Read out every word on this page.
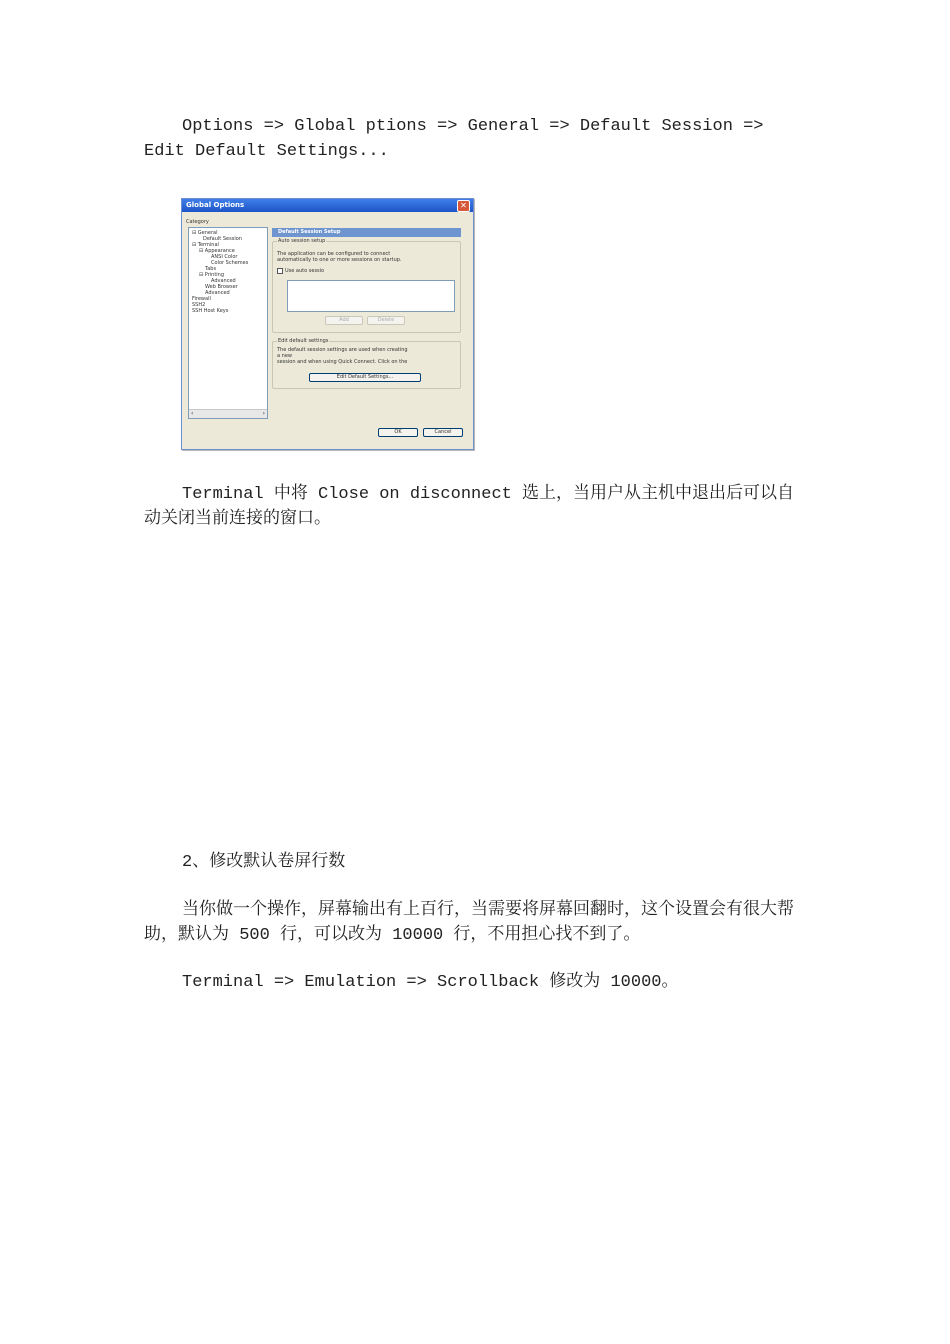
Options => Global ptions => General => Default Session => Edit Default Settings...

Global Options	✕
Category
⊟ General
Default Session
⊟ Terminal
⊟ Appearance
ANSI Color
Color Schemes
Tabs
⊟ Printing
Advanced
Web Browser
Advanced
Firewall
SSH2
SSH Host Keys
‹	›
Default Session Setup
Auto session setup
The application can be configured to connect
automatically to one or more sessions on startup.
Use auto sessio
Add	Delete
Edit default settings
The default session settings are used when creating
a new
session and when using Quick Connect. Click on the
Edit Default Settings...
OK	Cancel

Terminal 中将 Close on disconnect 选上，当用户从主机中退出后可以自动关闭当前连接的窗口。

2、修改默认卷屏行数

当你做一个操作，屏幕输出有上百行，当需要将屏幕回翻时，这个设置会有很大帮助，默认为 500 行，可以改为 10000 行，不用担心找不到了。

Terminal => Emulation => Scrollback 修改为 10000。
